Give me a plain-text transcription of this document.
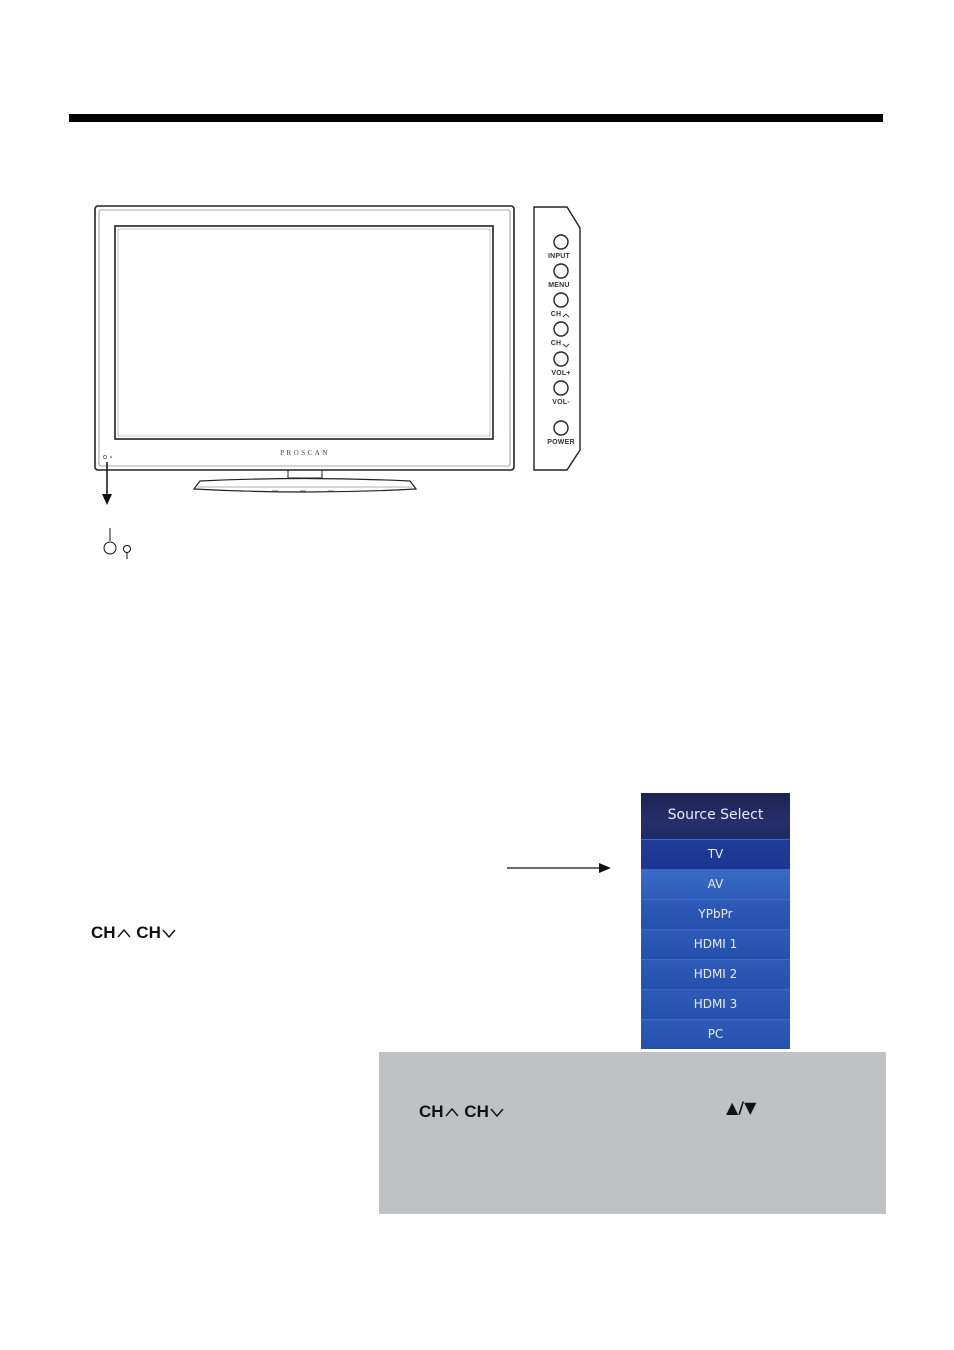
INPUT
MENU
CH
CH
VOL+
VOL-
POWER
PROSCAN
Source Select
TV
AV
YPbPr
HDMI 1
HDMI 2
HDMI 3
PC
CH CH
CH CH	▲/▼
